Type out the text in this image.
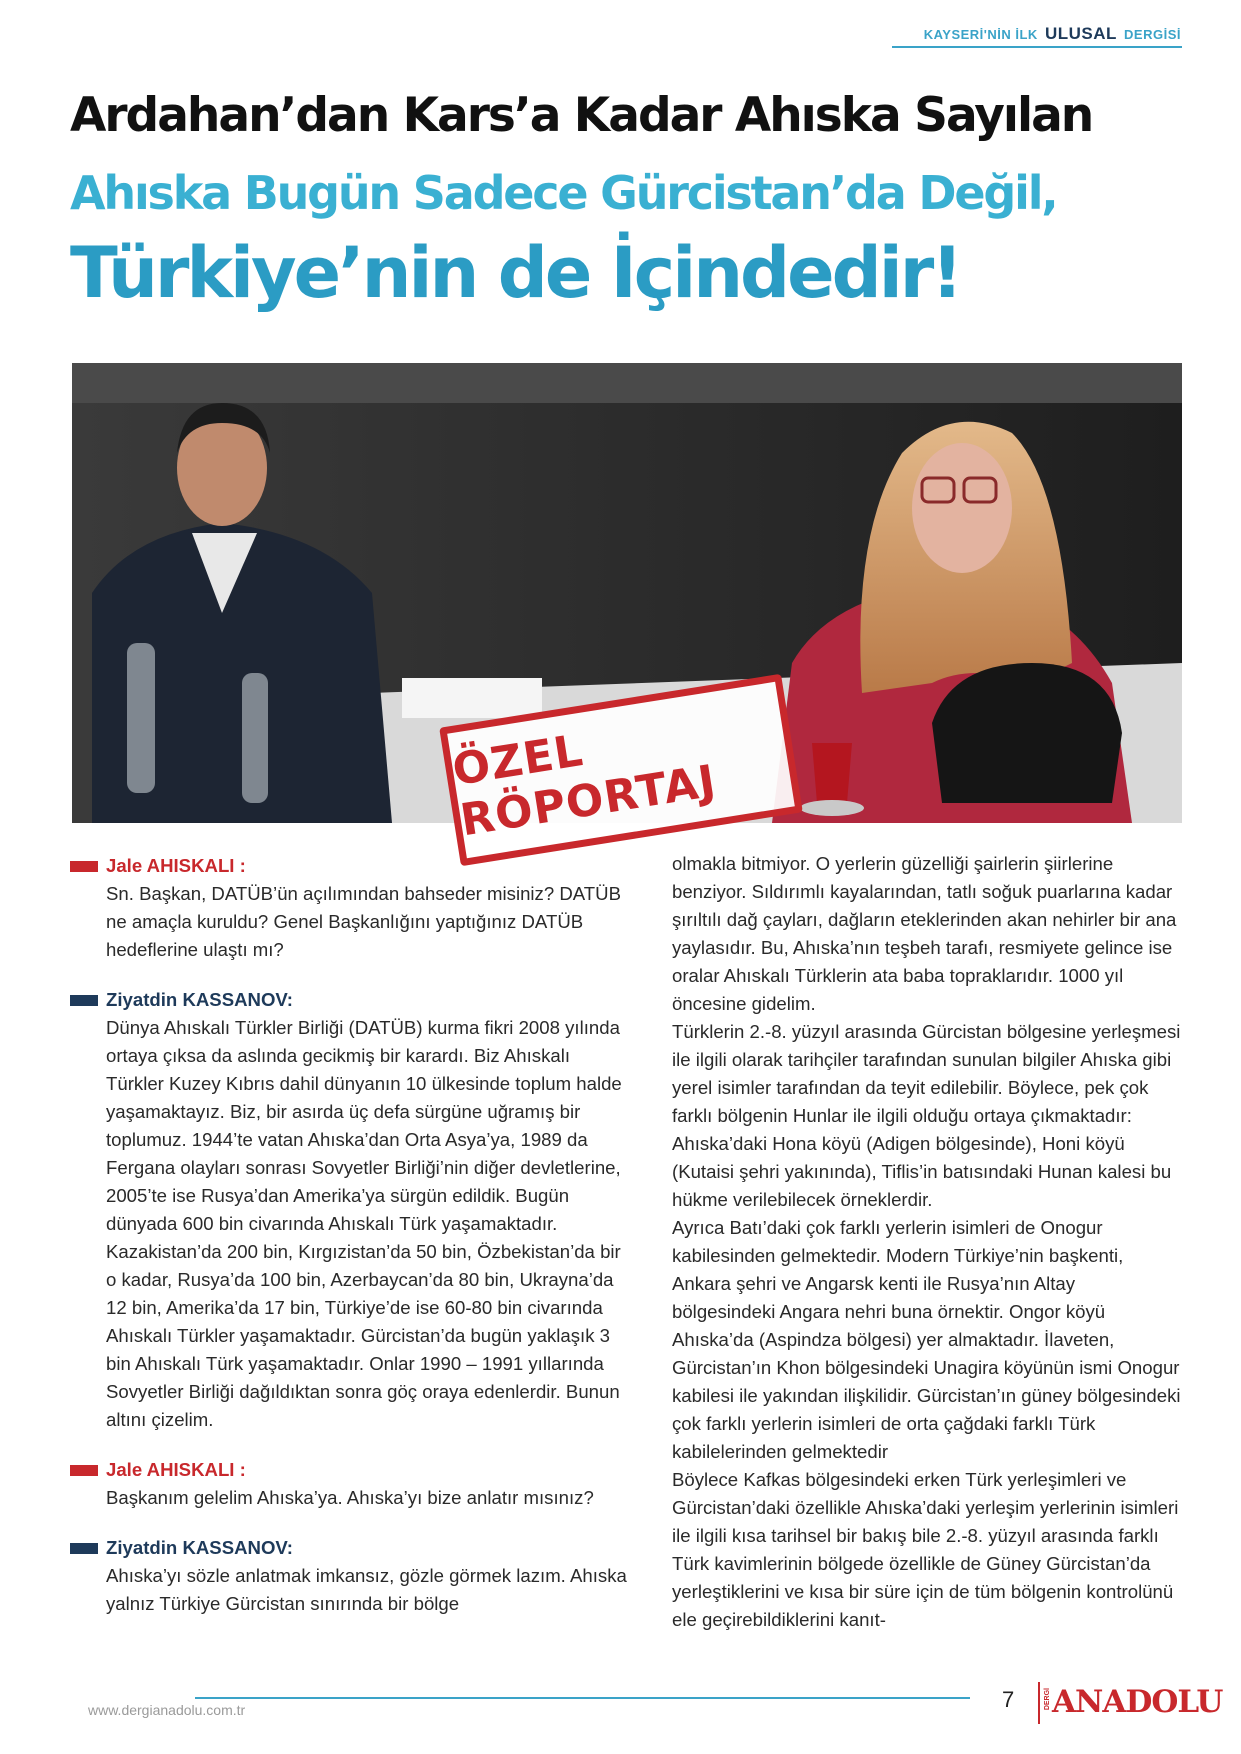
KAYSERİ'NİN İLK ULUSAL DERGİSİ
Ardahan’dan Kars’a Kadar Ahıska Sayılan
Ahıska Bugün Sadece Gürcistan’da Değil,
Türkiye’nin de İçindedir!
ÖZEL RÖPORTAJ
Jale AHISKALI :

Sn. Başkan, DATÜB’ün açılımından bahseder misiniz? DATÜB ne amaçla kuruldu? Genel Başkanlığını yaptığınız DATÜB hedeflerine ulaştı mı?

Ziyatdin KASSANOV:

Dünya Ahıskalı Türkler Birliği (DATÜB) kurma fikri 2008 yılında ortaya çıksa da aslında gecikmiş bir karardı. Biz Ahıskalı Türkler Kuzey Kıbrıs dahil dünyanın 10 ülkesinde toplum halde yaşamaktayız. Biz, bir asırda üç defa sürgüne uğramış bir toplumuz. 1944’te vatan Ahıska’dan Orta Asya’ya, 1989 da Fergana olayları sonrası Sovyetler Birliği’nin diğer devletlerine, 2005’te ise Rusya’dan Amerika’ya sürgün edildik. Bugün dünyada 600 bin civarında Ahıskalı Türk yaşamaktadır. Kazakistan’da 200 bin, Kırgızistan’da 50 bin, Özbekistan’da bir o kadar, Rusya’da 100 bin, Azerbaycan’da 80 bin, Ukrayna’da 12 bin, Amerika’da 17 bin, Türkiye’de ise 60-80 bin civarında Ahıskalı Türkler yaşamaktadır. Gürcistan’da bugün yaklaşık 3 bin Ahıskalı Türk yaşamaktadır. Onlar 1990 – 1991 yıllarında Sovyetler Birliği dağıldıktan sonra göç oraya edenlerdir. Bunun altını çizelim.

Jale AHISKALI :

Başkanım gelelim Ahıska’ya. Ahıska’yı bize anlatır mısınız?

Ziyatdin KASSANOV:

Ahıska’yı sözle anlatmak imkansız, gözle görmek lazım. Ahıska yalnız Türkiye Gürcistan sınırında bir bölge

olmakla bitmiyor. O yerlerin güzelliği şairlerin şiirlerine benziyor. Sıldırımlı kayalarından, tatlı soğuk puarlarına kadar şırıltılı dağ çayları, dağların eteklerinden akan nehirler bir ana yaylasıdır. Bu, Ahıska’nın teşbeh tarafı, resmiyete gelince ise oralar Ahıskalı Türklerin ata baba topraklarıdır. 1000 yıl öncesine gidelim.

Türklerin 2.-8. yüzyıl arasında Gürcistan bölgesine yerleşmesi ile ilgili olarak tarihçiler tarafından sunulan bilgiler Ahıska gibi yerel isimler tarafından da teyit edilebilir. Böylece, pek çok farklı bölgenin Hunlar ile ilgili olduğu ortaya çıkmaktadır: Ahıska’daki Hona köyü (Adigen bölgesinde), Honi köyü (Kutaisi şehri yakınında), Tiflis’in batısındaki Hunan kalesi bu hükme verilebilecek örneklerdir.

Ayrıca Batı’daki çok farklı yerlerin isimleri de Onogur kabilesinden gelmektedir. Modern Türkiye’nin başkenti, Ankara şehri ve Angarsk kenti ile Rusya’nın Altay bölgesindeki Angara nehri buna örnektir. Ongor köyü Ahıska’da (Aspindza bölgesi) yer almaktadır. İlaveten, Gürcistan’ın Khon bölgesindeki Unagira köyünün ismi Onogur kabilesi ile yakından ilişkilidir. Gürcistan’ın güney bölgesindeki çok farklı yerlerin isimleri de orta çağdaki farklı Türk kabilelerinden gelmektedir

Böylece Kafkas bölgesindeki erken Türk yerleşimleri ve Gürcistan’daki özellikle Ahıska’daki yerleşim yerlerinin isimleri ile ilgili kısa tarihsel bir bakış bile 2.-8. yüzyıl arasında farklı Türk kavimlerinin bölgede özellikle de Güney Gürcistan’da yerleştiklerini ve kısa bir süre için de tüm bölgenin kontrolünü ele geçirebildiklerini kanıt-

www.dergianadolu.com.tr	7	DERGİ ANADOLU
